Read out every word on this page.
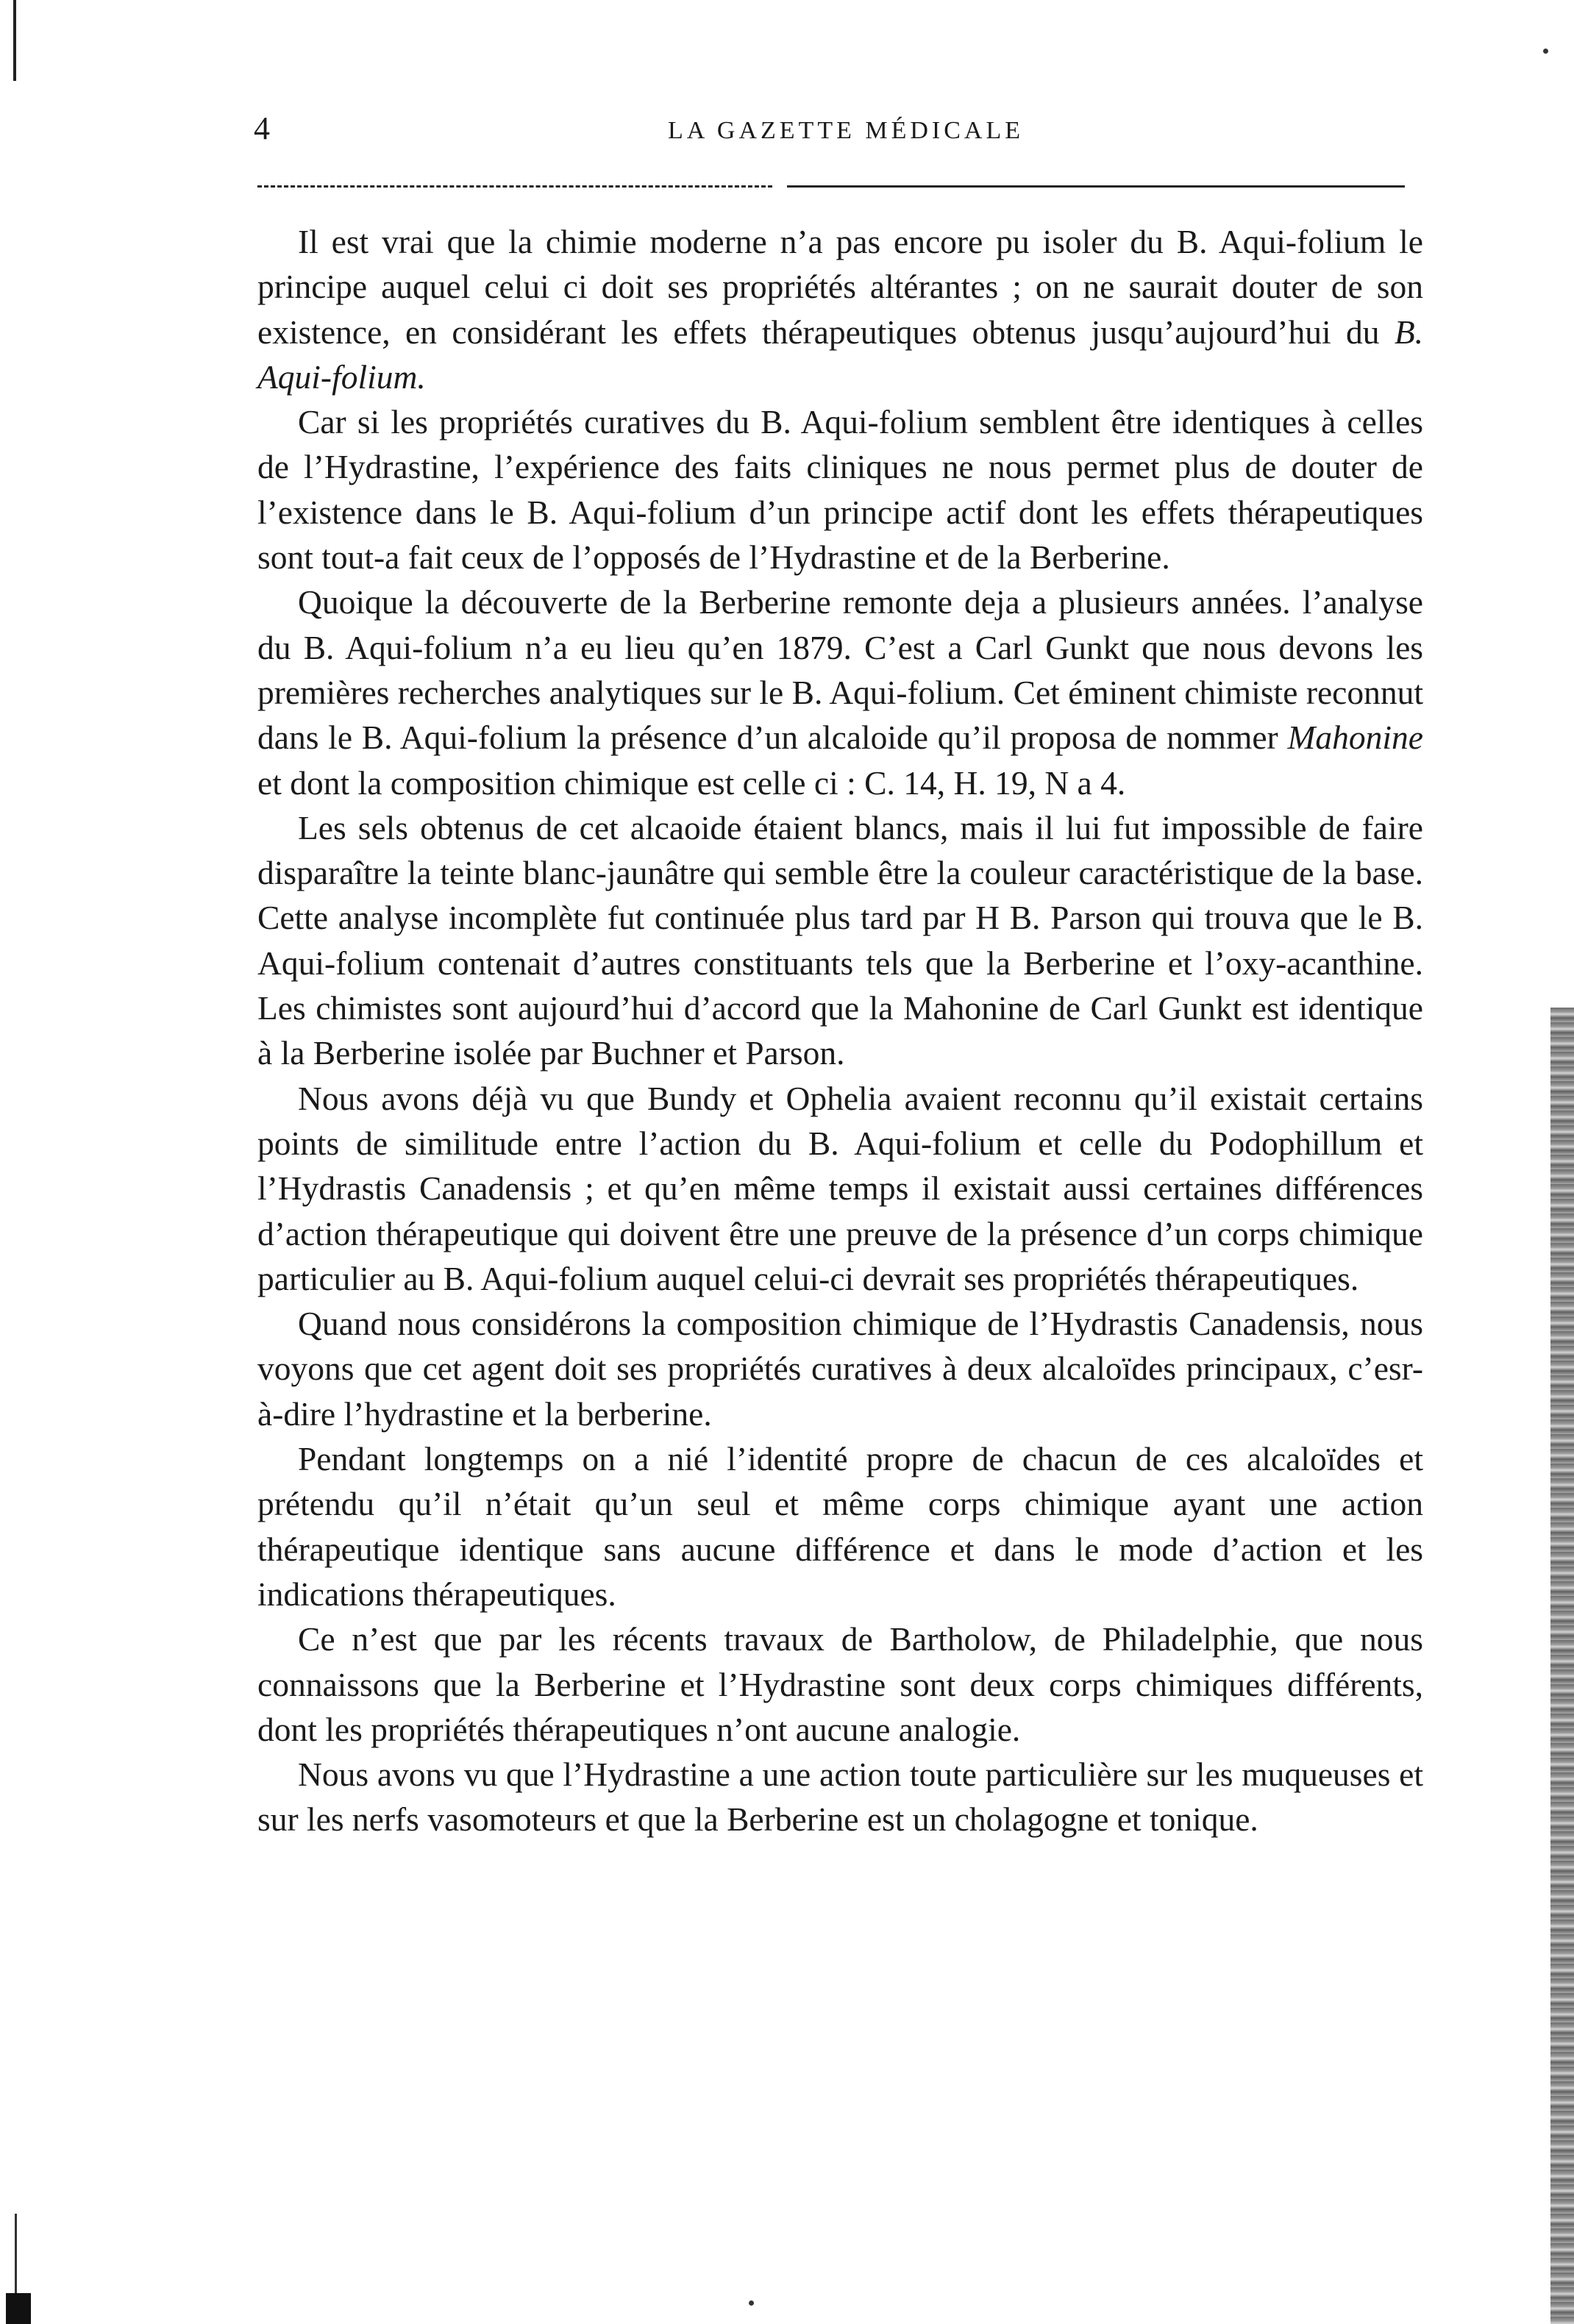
4	LA GAZETTE MÉDICALE

Il est vrai que la chimie moderne n’a pas encore pu isoler du B. Aqui-folium le principe auquel celui ci doit ses propriétés altérantes ; on ne saurait douter de son existence, en considérant les effets thérapeutiques obtenus jusqu’aujourd’hui du B. Aqui-folium.

Car si les propriétés curatives du B. Aqui-folium semblent être identiques à celles de l’Hydrastine, l’expérience des faits cliniques ne nous permet plus de douter de l’existence dans le B. Aqui-folium d’un principe actif dont les effets thérapeutiques sont tout-a fait ceux de l’opposés de l’Hydrastine et de la Berberine.

Quoique la découverte de la Berberine remonte deja a plusieurs années. l’analyse du B. Aqui-folium n’a eu lieu qu’en 1879. C’est a Carl Gunkt que nous devons les premières recherches analytiques sur le B. Aqui-folium. Cet éminent chimiste reconnut dans le B. Aqui-folium la présence d’un alcaloide qu’il proposa de nommer Mahonine et dont la composition chimique est celle ci : C. 14, H. 19, N a 4.

Les sels obtenus de cet alcaoide étaient blancs, mais il lui fut impossible de faire disparaître la teinte blanc-jaunâtre qui semble être la couleur caractéristique de la base. Cette analyse incomplète fut continuée plus tard par H B. Parson qui trouva que le B. Aqui-folium contenait d’autres constituants tels que la Berberine et l’oxy-acanthine. Les chimistes sont aujourd’hui d’accord que la Mahonine de Carl Gunkt est identique à la Berberine isolée par Buchner et Parson.

Nous avons déjà vu que Bundy et Ophelia avaient reconnu qu’il existait certains points de similitude entre l’action du B. Aqui-folium et celle du Podophillum et l’Hydrastis Canadensis ; et qu’en même temps il existait aussi certaines différences d’action thérapeutique qui doivent être une preuve de la présence d’un corps chimique particulier au B. Aqui-folium auquel celui-ci devrait ses propriétés thérapeutiques.

Quand nous considérons la composition chimique de l’Hydrastis Canadensis, nous voyons que cet agent doit ses propriétés curatives à deux alcaloïdes principaux, c’esr-à-dire l’hydrastine et la berberine.

Pendant longtemps on a nié l’identité propre de chacun de ces alcaloïdes et prétendu qu’il n’était qu’un seul et même corps chimique ayant une action thérapeutique identique sans aucune différence et dans le mode d’action et les indications thérapeutiques.

Ce n’est que par les récents travaux de Bartholow, de Philadelphie, que nous connaissons que la Berberine et l’Hydrastine sont deux corps chimiques différents, dont les propriétés thérapeutiques n’ont aucune analogie.

Nous avons vu que l’Hydrastine a une action toute particulière sur les muqueuses et sur les nerfs vasomoteurs et que la Berberine est un cholagogne et tonique.
